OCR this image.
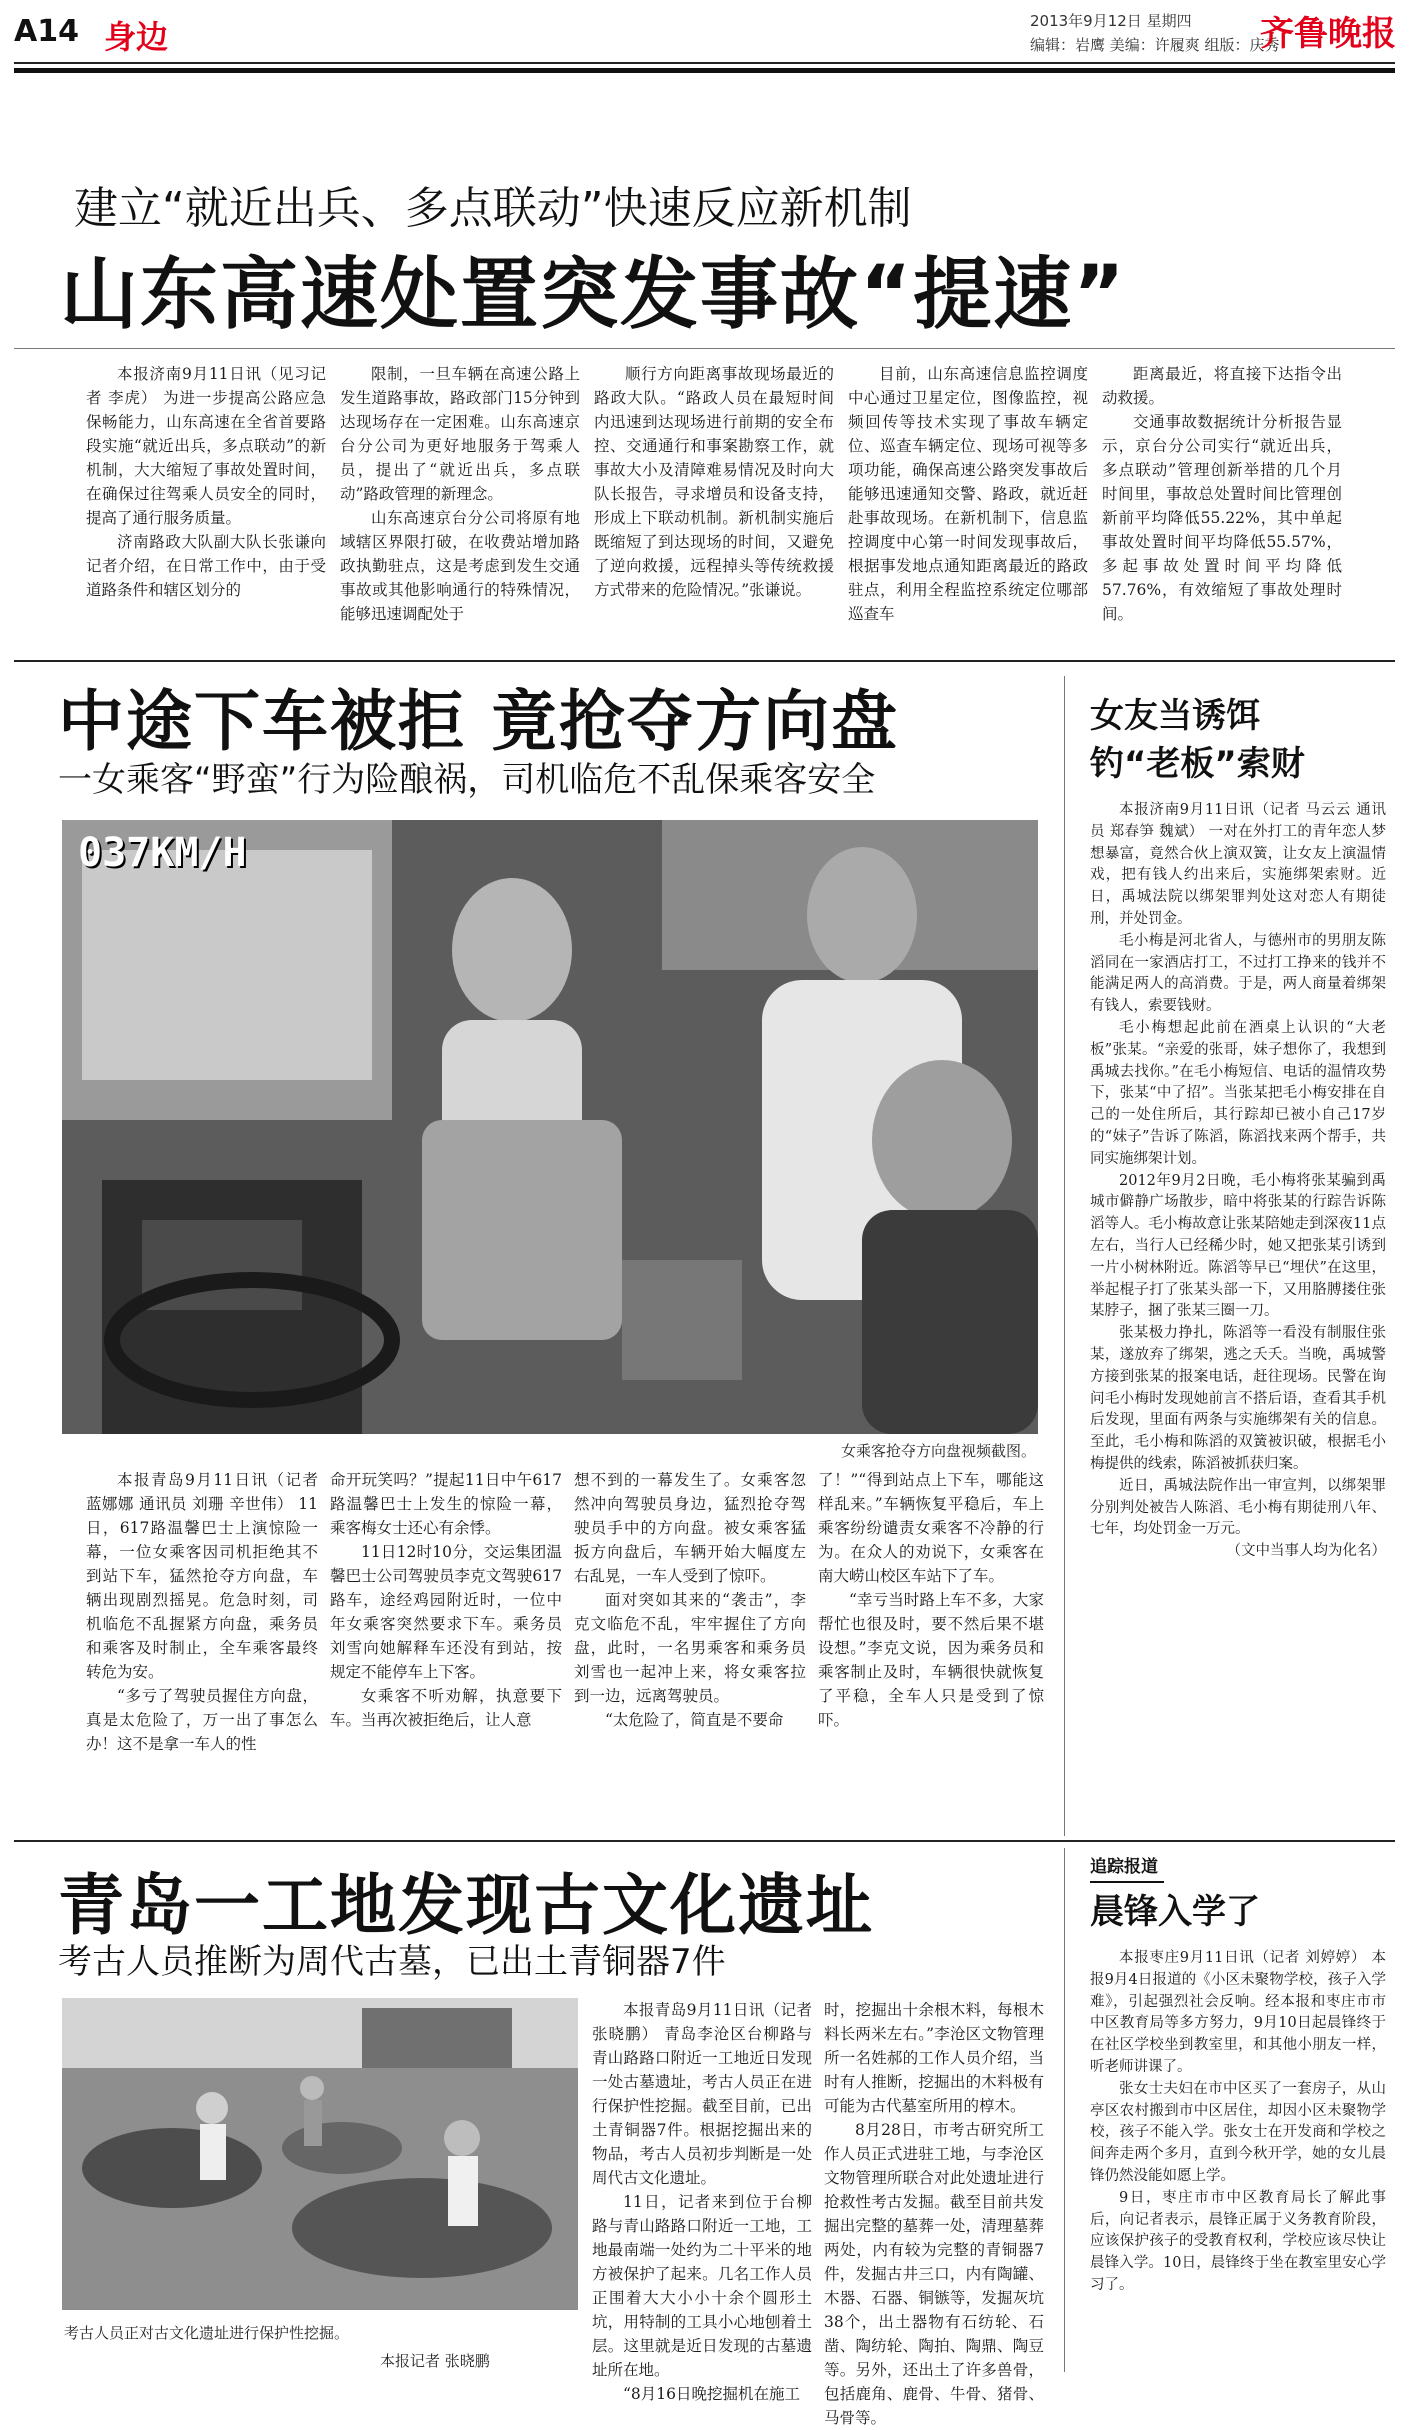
A14 身边	2013年9月12日 星期四
编辑：岩鹰 美编：许履爽 组版：庆秀
齐鲁晚报
建立“就近出兵、多点联动”快速反应新机制
山东高速处置突发事故“提速”

本报济南9月11日讯（见习记者 李虎） 为进一步提高公路应急保畅能力，山东高速在全省首要路段实施“就近出兵，多点联动”的新机制，大大缩短了事故处置时间，在确保过往驾乘人员安全的同时，提高了通行服务质量。

济南路政大队副大队长张谦向记者介绍，在日常工作中，由于受道路条件和辖区划分的

限制，一旦车辆在高速公路上发生道路事故，路政部门15分钟到达现场存在一定困难。山东高速京台分公司为更好地服务于驾乘人员，提出了“就近出兵，多点联动”路政管理的新理念。

山东高速京台分公司将原有地域辖区界限打破，在收费站增加路政执勤驻点，这是考虑到发生交通事故或其他影响通行的特殊情况，能够迅速调配处于

顺行方向距离事故现场最近的路政大队。“路政人员在最短时间内迅速到达现场进行前期的安全布控、交通通行和事案勘察工作，就事故大小及清障难易情况及时向大队长报告，寻求增员和设备支持，形成上下联动机制。新机制实施后既缩短了到达现场的时间，又避免了逆向救援，远程掉头等传统救援方式带来的危险情况。”张谦说。

目前，山东高速信息监控调度中心通过卫星定位，图像监控，视频回传等技术实现了事故车辆定位、巡查车辆定位、现场可视等多项功能，确保高速公路突发事故后能够迅速通知交警、路政，就近赶赴事故现场。在新机制下，信息监控调度中心第一时间发现事故后，根据事发地点通知距离最近的路政驻点，利用全程监控系统定位哪部巡查车

距离最近，将直接下达指令出动救援。

交通事故数据统计分析报告显示，京台分公司实行“就近出兵，多点联动”管理创新举措的几个月时间里，事故总处置时间比管理创新前平均降低55.22%，其中单起事故处置时间平均降低55.57%，多起事故处置时间平均降低57.76%，有效缩短了事故处理时间。

中途下车被拒 竟抢夺方向盘
一女乘客“野蛮”行为险酿祸，司机临危不乱保乘客安全
037KM/H
女乘客抢夺方向盘视频截图。

本报青岛9月11日讯（记者 蓝娜娜 通讯员 刘珊 辛世伟） 11日，617路温馨巴士上演惊险一幕，一位女乘客因司机拒绝其不到站下车，猛然抢夺方向盘，车辆出现剧烈摇晃。危急时刻，司机临危不乱握紧方向盘，乘务员和乘客及时制止，全车乘客最终转危为安。

“多亏了驾驶员握住方向盘，真是太危险了，万一出了事怎么办！这不是拿一车人的性

命开玩笑吗？”提起11日中午617路温馨巴士上发生的惊险一幕，乘客梅女士还心有余悸。

11日12时10分，交运集团温馨巴士公司驾驶员李克文驾驶617路车，途经鸡园附近时，一位中年女乘客突然要求下车。乘务员刘雪向她解释车还没有到站，按规定不能停车上下客。

女乘客不听劝解，执意要下车。当再次被拒绝后，让人意

想不到的一幕发生了。女乘客忽然冲向驾驶员身边，猛烈抢夺驾驶员手中的方向盘。被女乘客猛扳方向盘后，车辆开始大幅度左右乱晃，一车人受到了惊吓。

面对突如其来的“袭击”，李克文临危不乱，牢牢握住了方向盘，此时，一名男乘客和乘务员刘雪也一起冲上来，将女乘客拉到一边，远离驾驶员。

“太危险了，简直是不要命

了！”“得到站点上下车，哪能这样乱来。”车辆恢复平稳后，车上乘客纷纷谴责女乘客不冷静的行为。在众人的劝说下，女乘客在南大崂山校区车站下了车。

“幸亏当时路上车不多，大家帮忙也很及时，要不然后果不堪设想。”李克文说，因为乘务员和乘客制止及时，车辆很快就恢复了平稳，全车人只是受到了惊吓。

女友当诱饵
钓“老板”索财

本报济南9月11日讯（记者 马云云 通讯员 郑春笋 魏斌） 一对在外打工的青年恋人梦想暴富，竟然合伙上演双簧，让女友上演温情戏，把有钱人约出来后，实施绑架索财。近日，禹城法院以绑架罪判处这对恋人有期徒刑，并处罚金。

毛小梅是河北省人，与德州市的男朋友陈滔同在一家酒店打工，不过打工挣来的钱并不能满足两人的高消费。于是，两人商量着绑架有钱人，索要钱财。

毛小梅想起此前在酒桌上认识的“大老板”张某。“亲爱的张哥，妹子想你了，我想到禹城去找你。”在毛小梅短信、电话的温情攻势下，张某“中了招”。当张某把毛小梅安排在自己的一处住所后，其行踪却已被小自己17岁的“妹子”告诉了陈滔，陈滔找来两个帮手，共同实施绑架计划。

2012年9月2日晚，毛小梅将张某骗到禹城市僻静广场散步，暗中将张某的行踪告诉陈滔等人。毛小梅故意让张某陪她走到深夜11点左右，当行人已经稀少时，她又把张某引诱到一片小树林附近。陈滔等早已“埋伏”在这里，举起棍子打了张某头部一下，又用胳膊搂住张某脖子，捆了张某三圈一刀。

张某极力挣扎，陈滔等一看没有制服住张某，遂放弃了绑架，逃之夭夭。当晚，禹城警方接到张某的报案电话，赶往现场。民警在询问毛小梅时发现她前言不搭后语，查看其手机后发现，里面有两条与实施绑架有关的信息。至此，毛小梅和陈滔的双簧被识破，根据毛小梅提供的线索，陈滔被抓获归案。

近日，禹城法院作出一审宣判，以绑架罪分别判处被告人陈滔、毛小梅有期徒刑八年、七年，均处罚金一万元。

（文中当事人均为化名）

青岛一工地发现古文化遗址
考古人员推断为周代古墓，已出土青铜器7件
考古人员正对古文化遗址进行保护性挖掘。
本报记者 张晓鹏

本报青岛9月11日讯（记者 张晓鹏） 青岛李沧区台柳路与青山路路口附近一工地近日发现一处古墓遗址，考古人员正在进行保护性挖掘。截至目前，已出土青铜器7件。根据挖掘出来的物品，考古人员初步判断是一处周代古文化遗址。

11日，记者来到位于台柳路与青山路路口附近一工地，工地最南端一处约为二十平米的地方被保护了起来。几名工作人员正围着大大小小十余个圆形土坑，用特制的工具小心地刨着土层。这里就是近日发现的古墓遗址所在地。

“8月16日晚挖掘机在施工

时，挖掘出十余根木料，每根木料长两米左右。”李沧区文物管理所一名姓郝的工作人员介绍，当时有人推断，挖掘出的木料极有可能为古代墓室所用的椁木。

8月28日，市考古研究所工作人员正式进驻工地，与李沧区文物管理所联合对此处遗址进行抢救性考古发掘。截至目前共发掘出完整的墓葬一处，清理墓葬两处，内有较为完整的青铜器7件，发掘古井三口，内有陶罐、木器、石器、铜镞等，发掘灰坑38个，出土器物有石纺轮、石凿、陶纺轮、陶拍、陶鼎、陶豆等。另外，还出土了许多兽骨，包括鹿角、鹿骨、牛骨、猪骨、马骨等。

追踪报道
晨锋入学了

本报枣庄9月11日讯（记者 刘婷婷） 本报9月4日报道的《小区未聚物学校，孩子入学难》，引起强烈社会反响。经本报和枣庄市市中区教育局等多方努力，9月10日起晨锋终于在社区学校坐到教室里，和其他小朋友一样，听老师讲课了。

张女士夫妇在市中区买了一套房子，从山亭区农村搬到市中区居住，却因小区未聚物学校，孩子不能入学。张女士在开发商和学校之间奔走两个多月，直到今秋开学，她的女儿晨锋仍然没能如愿上学。

9日，枣庄市市中区教育局长了解此事后，向记者表示，晨锋正属于义务教育阶段，应该保护孩子的受教育权利，学校应该尽快让晨锋入学。10日，晨锋终于坐在教室里安心学习了。
